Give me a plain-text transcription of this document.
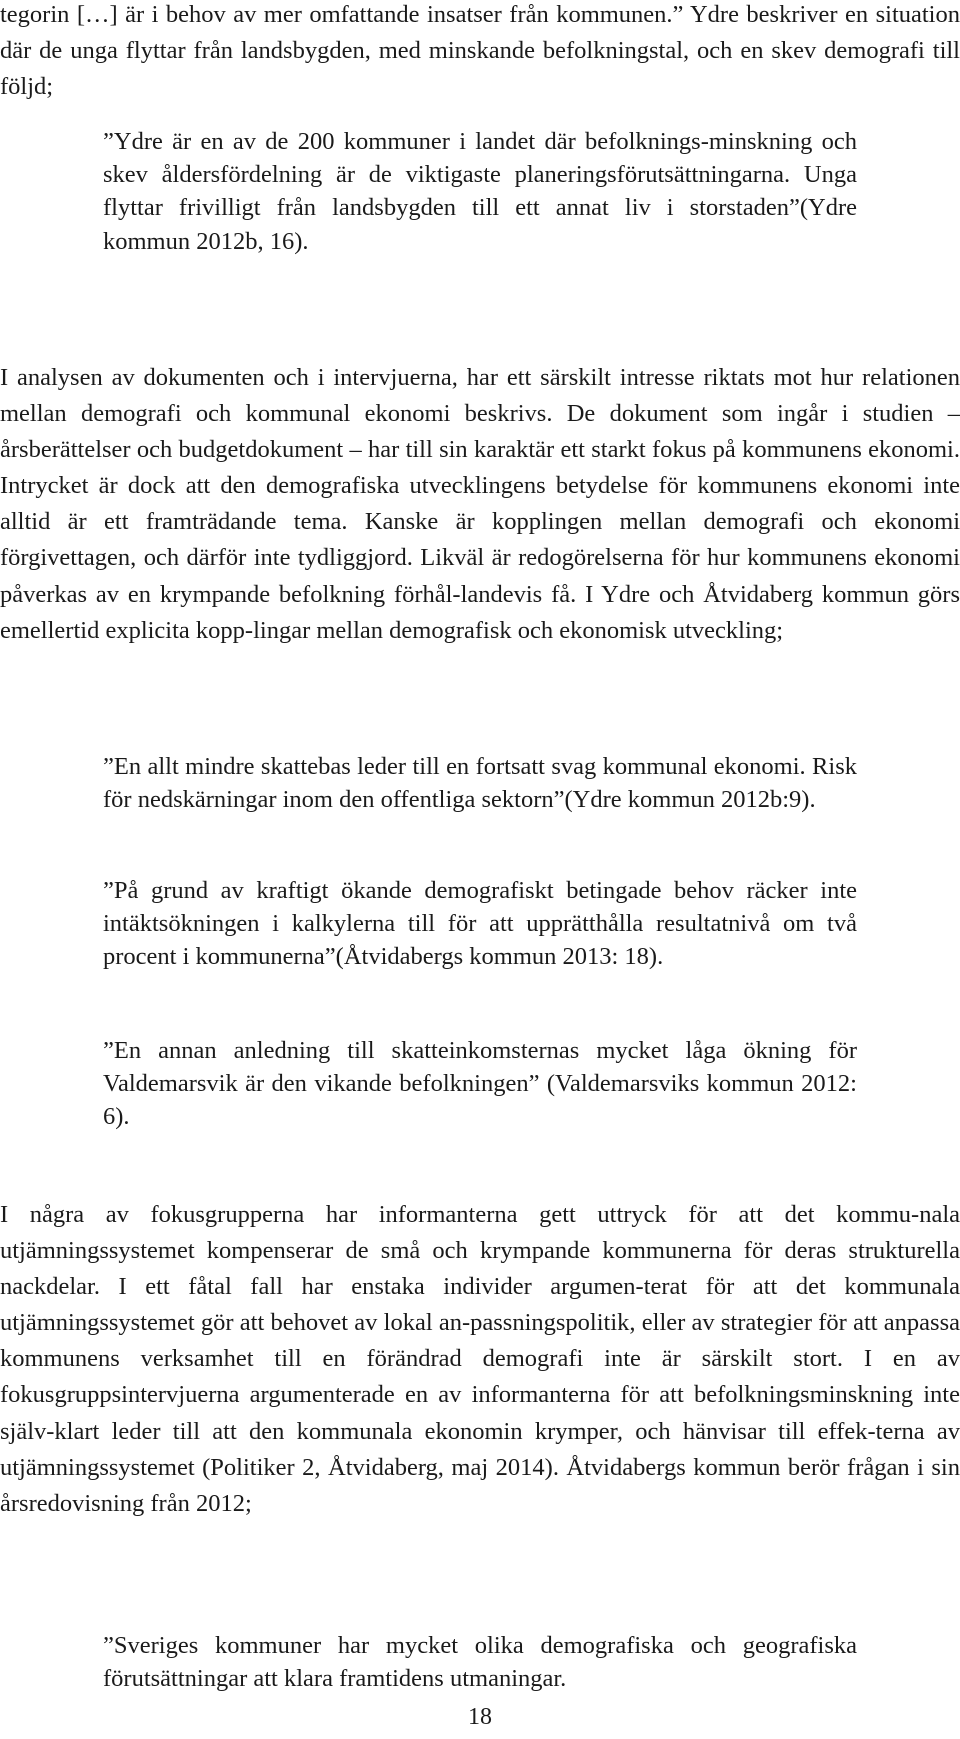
tegorin […] är i behov av mer omfattande insatser från kommunen.” Ydre beskriver en situation där de unga flyttar från landsbygden, med minskande befolkningstal, och en skev demografi till följd;

”Ydre är en av de 200 kommuner i landet där befolknings-minskning och skev åldersfördelning är de viktigaste planeringsförutsättningarna. Unga flyttar frivilligt från landsbygden till ett annat liv i storstaden”(Ydre kommun 2012b, 16).

I analysen av dokumenten och i intervjuerna, har ett särskilt intresse riktats mot hur relationen mellan demografi och kommunal ekonomi beskrivs. De dokument som ingår i studien – årsberättelser och budgetdokument – har till sin karaktär ett starkt fokus på kommunens ekonomi. Intrycket är dock att den demografiska utvecklingens betydelse för kommunens ekonomi inte alltid är ett framträdande tema. Kanske är kopplingen mellan demografi och ekonomi förgivettagen, och därför inte tydliggjord. Likväl är redogörelserna för hur kommunens ekonomi påverkas av en krympande befolkning förhål-landevis få. I Ydre och Åtvidaberg kommun görs emellertid explicita kopp-lingar mellan demografisk och ekonomisk utveckling;

”En allt mindre skattebas leder till en fortsatt svag kommunal ekonomi. Risk för nedskärningar inom den offentliga sektorn”(Ydre kommun 2012b:9).

”På grund av kraftigt ökande demografiskt betingade behov räcker inte intäktsökningen i kalkylerna till för att upprätthålla resultatnivå om två procent i kommunerna”(Åtvidabergs kommun 2013: 18).

”En annan anledning till skatteinkomsternas mycket låga ökning för Valdemarsvik är den vikande befolkningen” (Valdemarsviks kommun 2012: 6).

I några av fokusgrupperna har informanterna gett uttryck för att det kommu-nala utjämningssystemet kompenserar de små och krympande kommunerna för deras strukturella nackdelar. I ett fåtal fall har enstaka individer argumen-terat för att det kommunala utjämningssystemet gör att behovet av lokal an-passningspolitik, eller av strategier för att anpassa kommunens verksamhet till en förändrad demografi inte är särskilt stort. I en av fokusgruppsintervjuerna argumenterade en av informanterna för att befolkningsminskning inte själv-klart leder till att den kommunala ekonomin krymper, och hänvisar till effek-terna av utjämningssystemet (Politiker 2, Åtvidaberg, maj 2014). Åtvidabergs kommun berör frågan i sin årsredovisning från 2012;

”Sveriges kommuner har mycket olika demografiska och geografiska förutsättningar att klara framtidens utmaningar.

18
